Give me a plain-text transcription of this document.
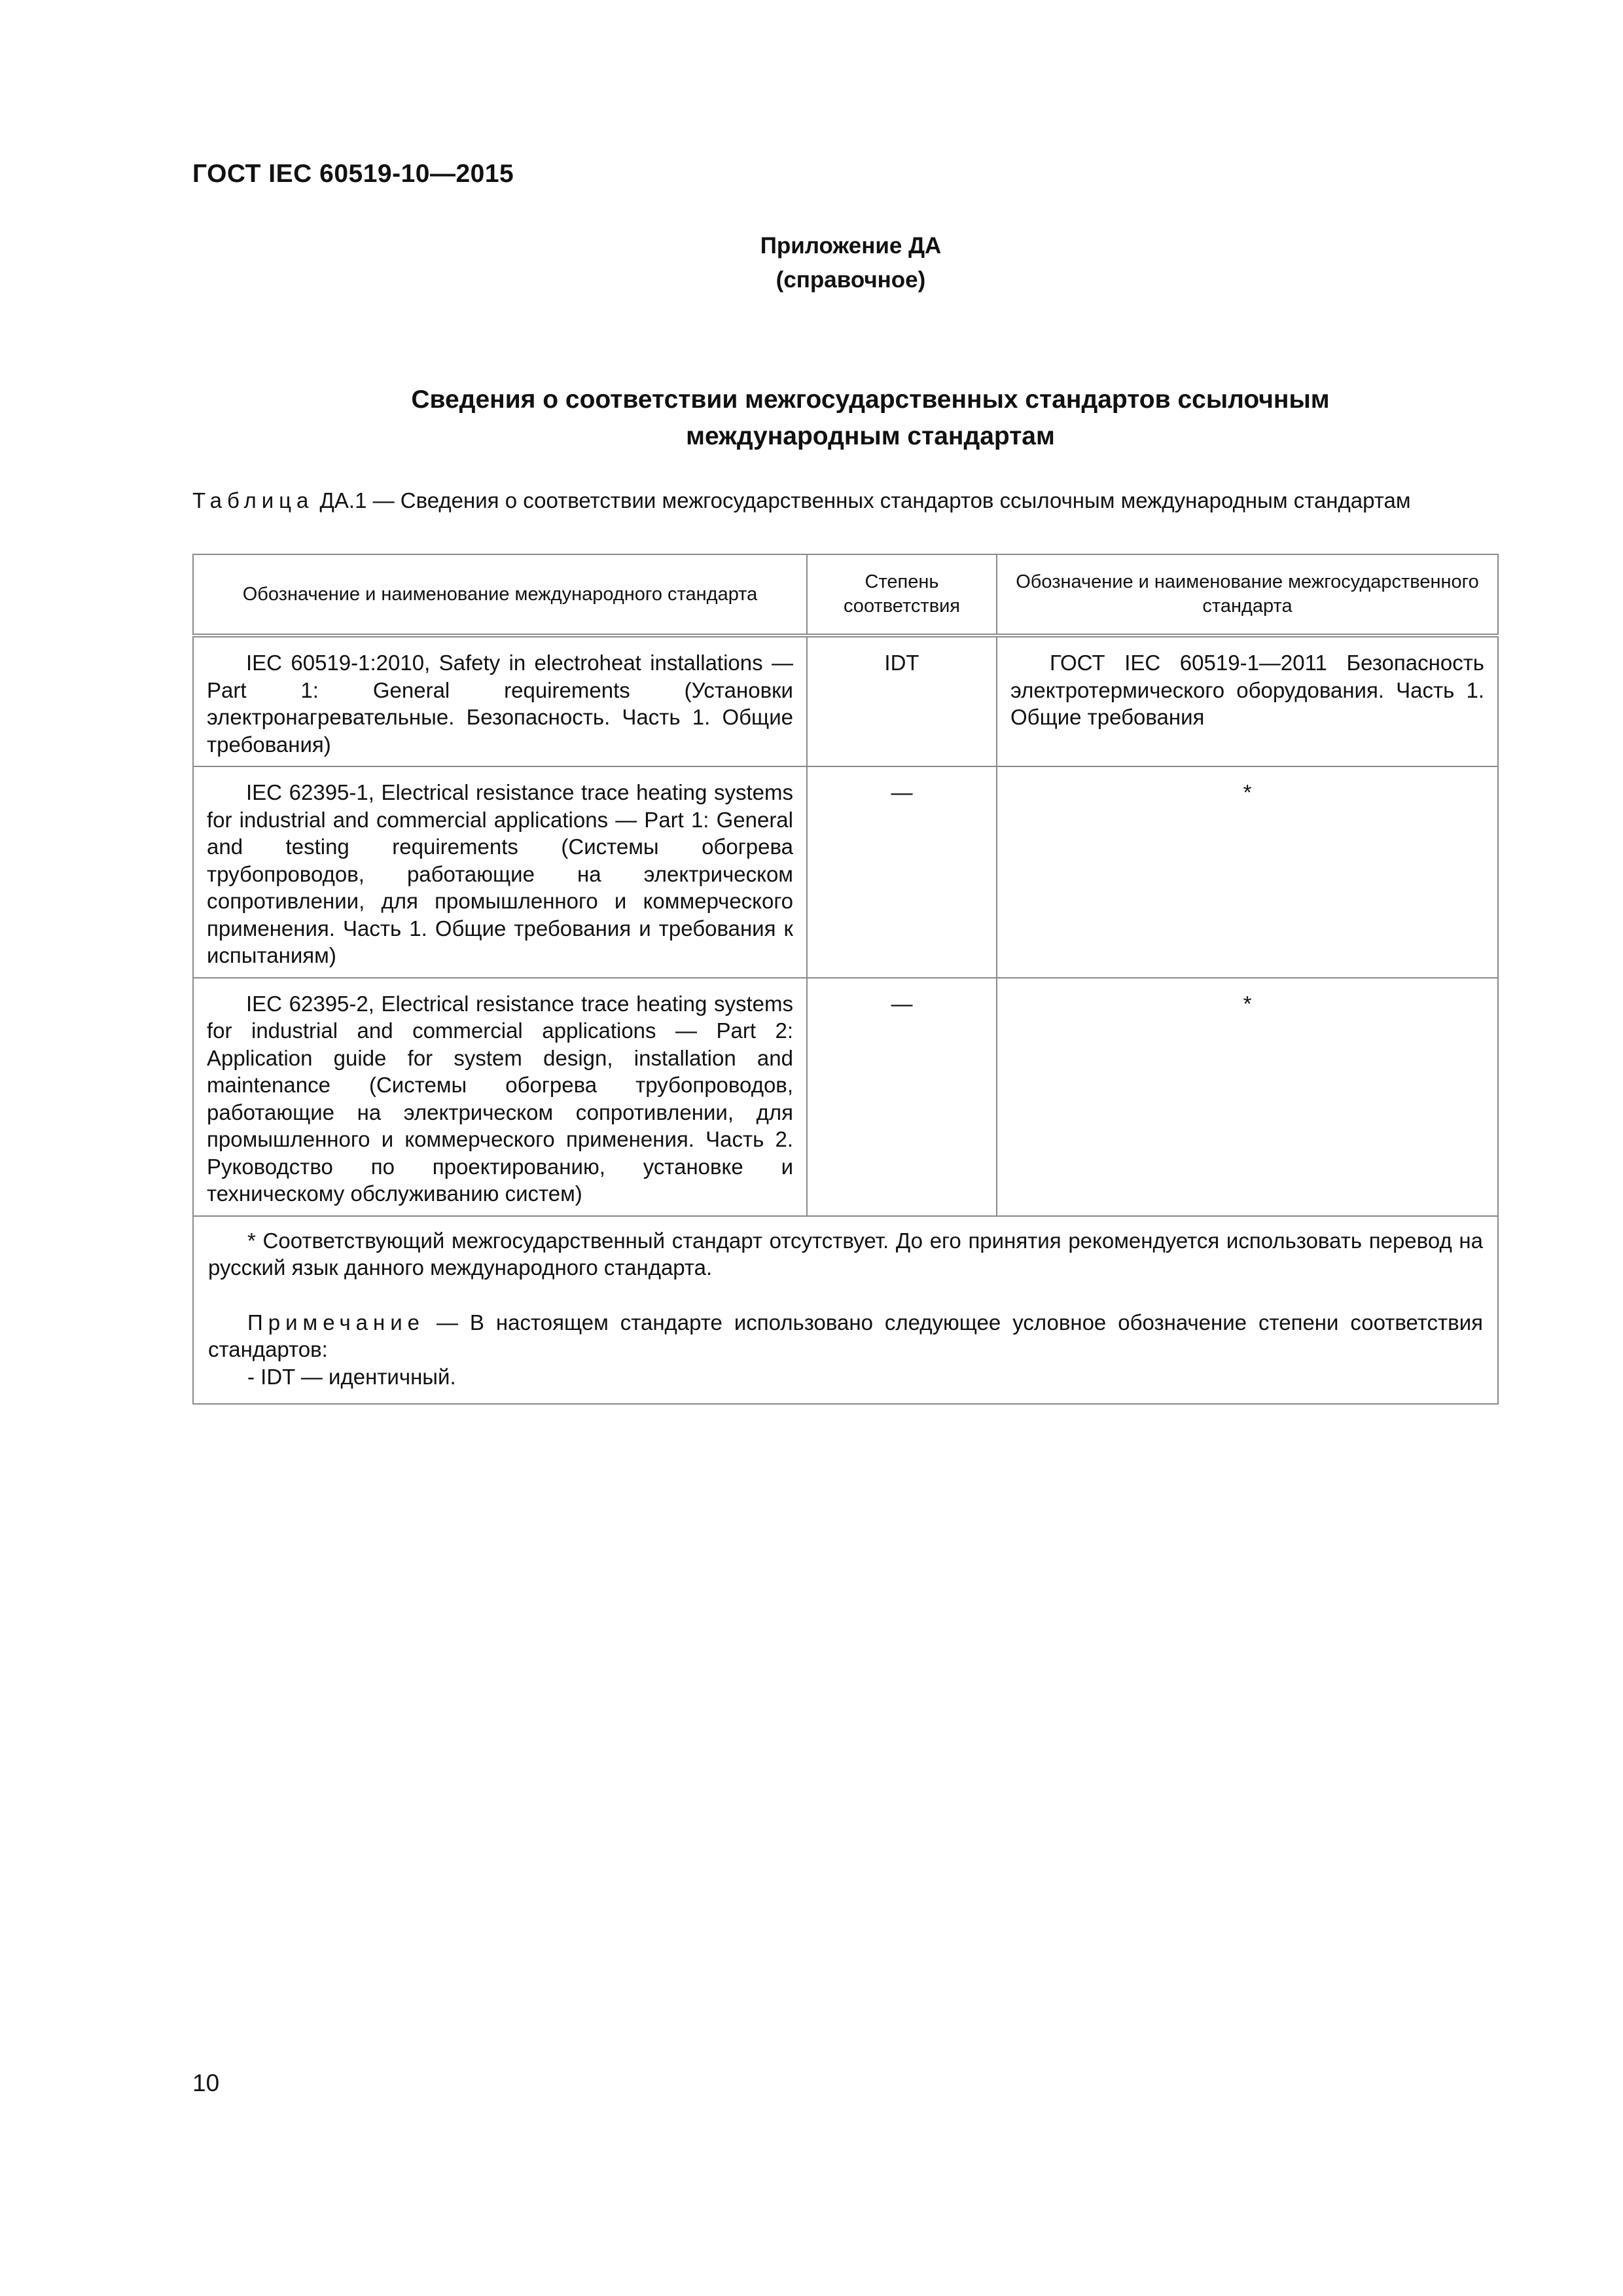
ГОСТ IEC 60519-10—2015
Приложение ДА
(справочное)
Сведения о соответствии межгосударственных стандартов ссылочным
международным стандартам
Таблица ДА.1 — Сведения о соответствии межгосударственных стандартов ссылочным международным стандартам
Обозначение и наименование международного стандарта	Степень соответствия	Обозначение и наименование межгосударственного стандарта

IEC 60519-1:2010, Safety in electroheat installations — Part 1: General requirements (Установки электронагревательные. Безопасность. Часть 1. Общие требования)	IDT	ГОСТ IEC 60519-1—2011 Безопасность электротермического оборудования. Часть 1. Общие требования

IEC 62395-1, Electrical resistance trace heating systems for industrial and commercial applications — Part 1: General and testing requirements (Системы обогрева трубопроводов, работающие на электрическом сопротивлении, для промышленного и коммерческого применения. Часть 1. Общие требования и требования к испытаниям)	—	*

IEC 62395-2, Electrical resistance trace heating systems for industrial and commercial applications — Part 2: Application guide for system design, installation and maintenance (Системы обогрева трубопроводов, работающие на электрическом сопротивлении, для промышленного и коммерческого применения. Часть 2. Руководство по проектированию, установке и техническому обслуживанию систем)	—	*

* Соответствующий межгосударственный стандарт отсутствует. До его принятия рекомендуется использовать перевод на русский язык данного международного стандарта.

Примечание — В настоящем стандарте использовано следующее условное обозначение степени соответствия стандартов:

- IDT — идентичный.		

10
